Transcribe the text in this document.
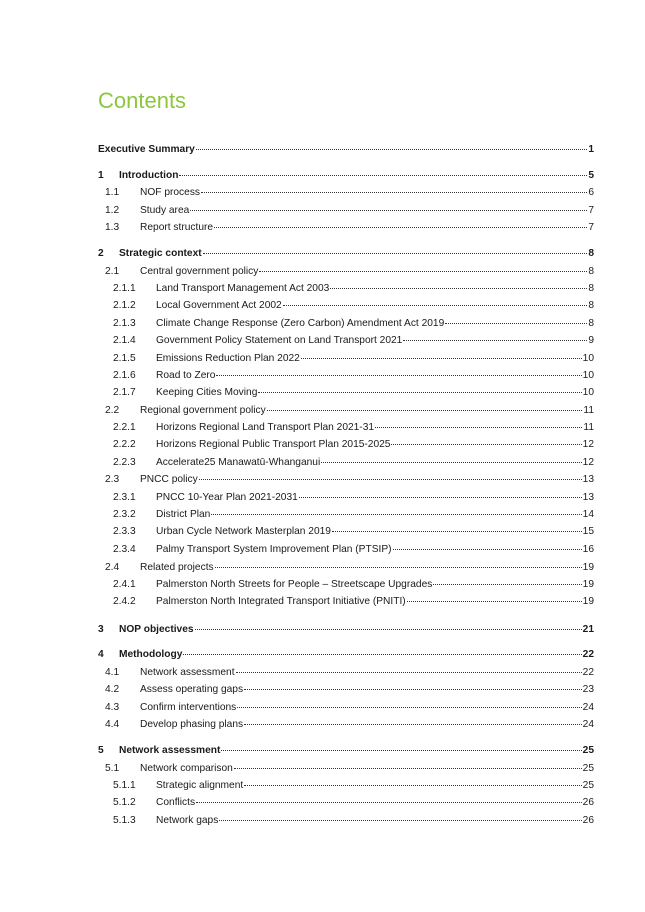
Contents
Executive Summary	1
1	Introduction	5
1.1	NOF process	6
1.2	Study area	7
1.3	Report structure	7
2	Strategic context	8
2.1	Central government policy	8
2.1.1	Land Transport Management Act 2003	8
2.1.2	Local Government Act 2002	8
2.1.3	Climate Change Response (Zero Carbon) Amendment Act 2019	8
2.1.4	Government Policy Statement on Land Transport 2021	9
2.1.5	Emissions Reduction Plan 2022	10
2.1.6	Road to Zero	10
2.1.7	Keeping Cities Moving	10
2.2	Regional government policy	11
2.2.1	Horizons Regional Land Transport Plan 2021-31	11
2.2.2	Horizons Regional Public Transport Plan 2015-2025	12
2.2.3	Accelerate25 Manawatū-Whanganui	12
2.3	PNCC policy	13
2.3.1	PNCC 10-Year Plan 2021-2031	13
2.3.2	District Plan	14
2.3.3	Urban Cycle Network Masterplan 2019	15
2.3.4	Palmy Transport System Improvement Plan (PTSIP)	16
2.4	Related projects	19
2.4.1	Palmerston North Streets for People – Streetscape Upgrades	19
2.4.2	Palmerston North Integrated Transport Initiative (PNITI)	19
3	NOP objectives	21
4	Methodology	22
4.1	Network assessment	22
4.2	Assess operating gaps	23
4.3	Confirm interventions	24
4.4	Develop phasing plans	24
5	Network assessment	25
5.1	Network comparison	25
5.1.1	Strategic alignment	25
5.1.2	Conflicts	26
5.1.3	Network gaps	26
